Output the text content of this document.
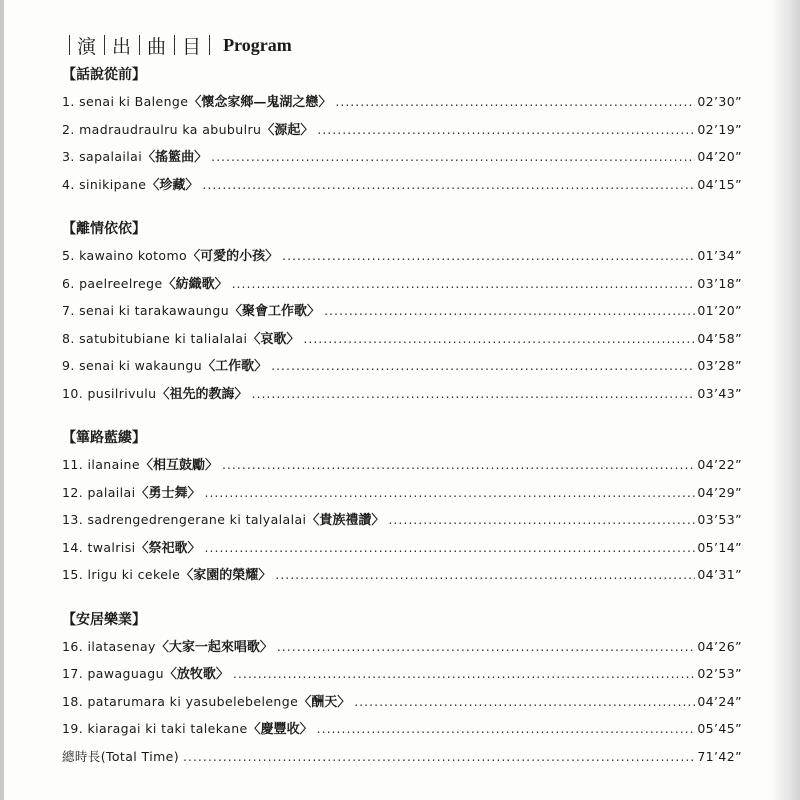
演 出 曲 目 Program
【話說從前】
1. senai ki Balenge 〈懷念家鄉—鬼湖之戀〉 .....	02’30”
2. madraudraulru ka abubulru 〈源起〉 .....	02’19”
3. sapalailai 〈搖籃曲〉 .....	04’20”
4. sinikipane 〈珍藏〉 .....	04’15”
【離情依依】
5. kawaino kotomo 〈可愛的小孩〉 .....	01’34”
6. paelreelrege 〈紡織歌〉 .....	03’18”
7. senai ki tarakawaungu 〈聚會工作歌〉 .....	01’20”
8. satubitubiane ki talialalai 〈哀歌〉 .....	04’58”
9. senai ki wakaungu 〈工作歌〉 .....	03’28”
10. pusilrivulu 〈祖先的教誨〉 .....	03’43”
【篳路藍縷】
11. ilanaine 〈相互鼓勵〉 .....	04’22”
12. palailai 〈勇士舞〉 .....	04’29”
13. sadrengedrengerane ki talyalalai 〈貴族禮讚〉 .....	03’53”
14. twalrisi 〈祭祀歌〉 .....	05’14”
15. lrigu ki cekele 〈家園的榮耀〉 .....	04’31”
【安居樂業】
16. ilatasenay 〈大家一起來唱歌〉 .....	04’26”
17. pawaguagu 〈放牧歌〉 .....	02’53”
18. patarumara ki yasubelebelenge 〈酬天〉 .....	04’24”
19. kiaragai ki taki talekane 〈慶豐收〉 .....	05’45”
總時長(Total Time) .....	71’42”
